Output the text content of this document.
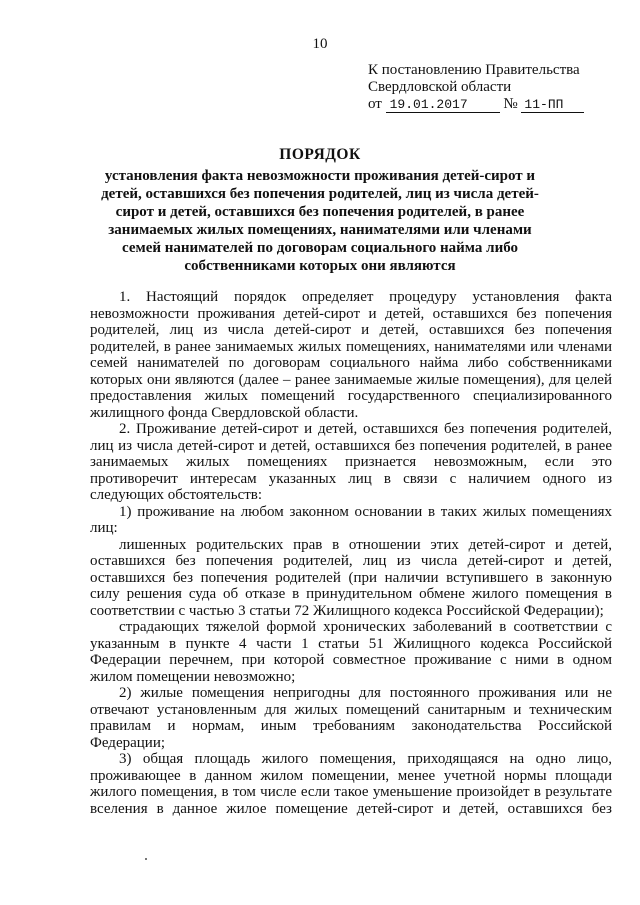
10
К постановлению Правительства
Свердловской области
от 19.01.2017 № 11-ПП
ПОРЯДОК
установления факта невозможности проживания детей-сирот и детей, оставшихся без попечения родителей, лиц из числа детей-сирот и детей, оставшихся без попечения родителей, в ранее занимаемых жилых помещениях, нанимателями или членами семей нанимателей по договорам социального найма либо собственниками которых они являются

1. Настоящий порядок определяет процедуру установления факта невозможности проживания детей-сирот и детей, оставшихся без попечения родителей, лиц из числа детей-сирот и детей, оставшихся без попечения родителей, в ранее занимаемых жилых помещениях, нанимателями или членами семей нанимателей по договорам социального найма либо собственниками которых они являются (далее – ранее занимаемые жилые помещения), для целей предоставления жилых помещений государственного специализированного жилищного фонда Свердловской области.

2. Проживание детей-сирот и детей, оставшихся без попечения родителей, лиц из числа детей-сирот и детей, оставшихся без попечения родителей, в ранее занимаемых жилых помещениях признается невозможным, если это противоречит интересам указанных лиц в связи с наличием одного из следующих обстоятельств:

1) проживание на любом законном основании в таких жилых помещениях лиц:

лишенных родительских прав в отношении этих детей-сирот и детей, оставшихся без попечения родителей, лиц из числа детей-сирот и детей, оставшихся без попечения родителей (при наличии вступившего в законную силу решения суда об отказе в принудительном обмене жилого помещения в соответствии с частью 3 статьи 72 Жилищного кодекса Российской Федерации);

страдающих тяжелой формой хронических заболеваний в соответствии с указанным в пункте 4 части 1 статьи 51 Жилищного кодекса Российской Федерации перечнем, при которой совместное проживание с ними в одном жилом помещении невозможно;

2) жилые помещения непригодны для постоянного проживания или не отвечают установленным для жилых помещений санитарным и техническим правилам и нормам, иным требованиям законодательства Российской Федерации;

3) общая площадь жилого помещения, приходящаяся на одно лицо, проживающее в данном жилом помещении, менее учетной нормы площади жилого помещения, в том числе если такое уменьшение произойдет в результате вселения в данное жилое помещение детей-сирот и детей, оставшихся без
